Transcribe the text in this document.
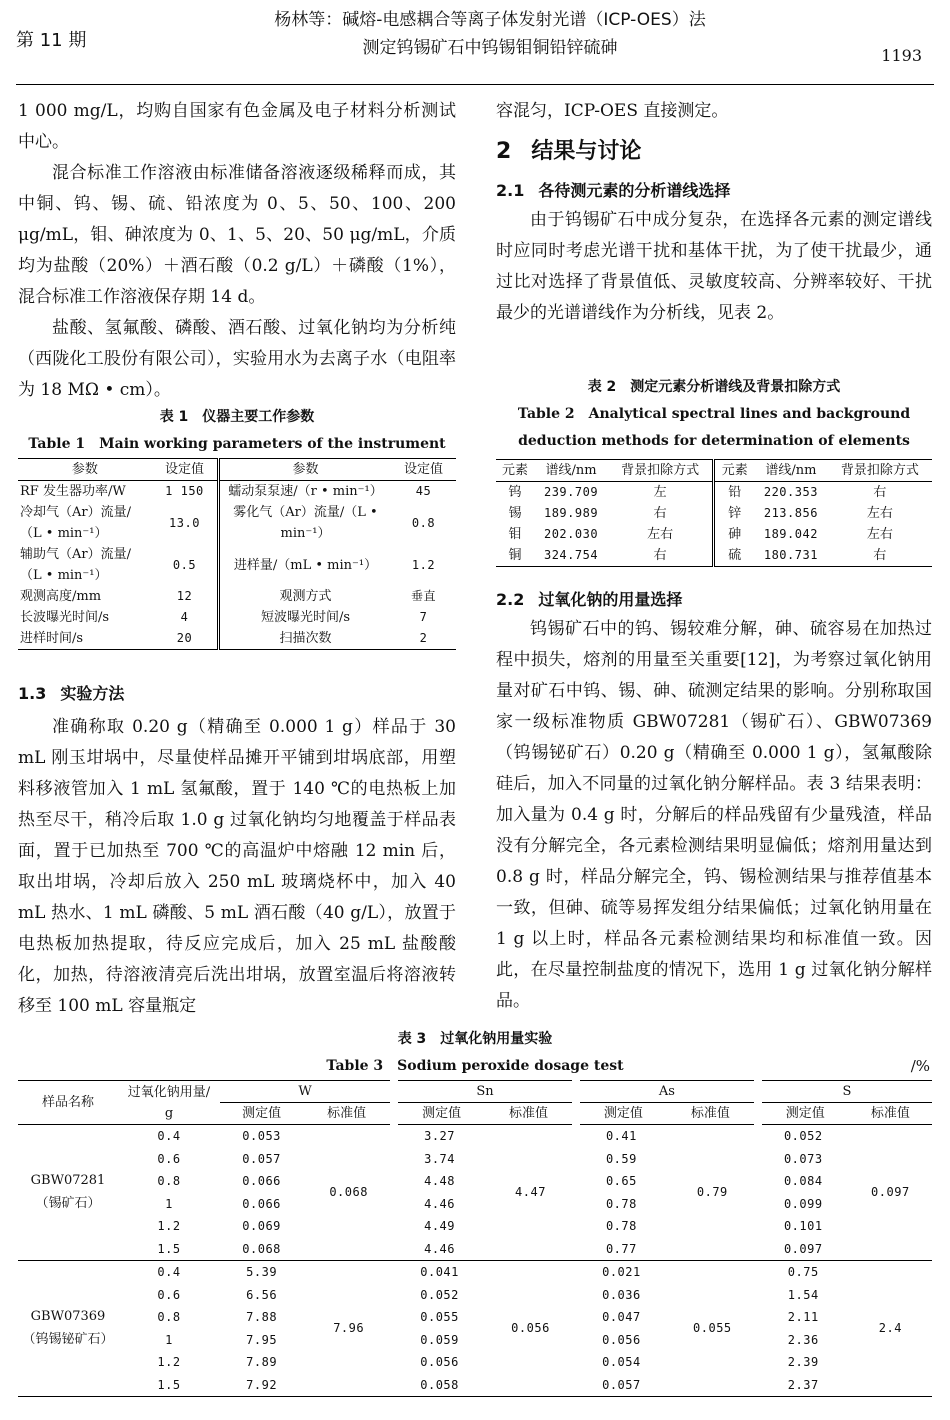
第 11 期
杨林等：碱熔-电感耦合等离子体发射光谱（ICP-OES）法
测定钨锡矿石中钨锡钼铜铅锌硫砷	1193

1 000 mg/L，均购自国家有色金属及电子材料分析测试中心。

混合标准工作溶液由标准储备溶液逐级稀释而成，其中铜、钨、锡、硫、铅浓度为 0、5、50、100、200 μg/mL，钼、砷浓度为 0、1、5、20、50 μg/mL，介质均为盐酸（20%）＋酒石酸（0.2 g/L）＋磷酸（1%），混合标准工作溶液保存期 14 d。

盐酸、氢氟酸、磷酸、酒石酸、过氧化钠均为分析纯（西陇化工股份有限公司），实验用水为去离子水（电阻率为 18 MΩ • cm）。

表 1　仪器主要工作参数
Table 1　Main working parameters of the instrument
参数	设定值	参数	设定值
RF 发生器功率/W	1 150	蠕动泵泵速/（r • min⁻¹）	45
冷却气（Ar）流量/（L • min⁻¹）	13.0	雾化气（Ar）流量/（L • min⁻¹）	0.8
辅助气（Ar）流量/（L • min⁻¹）	0.5	进样量/（mL • min⁻¹）	1.2
观测高度/mm	12	观测方式	垂直
长波曝光时间/s	4	短波曝光时间/s	7
进样时间/s	20	扫描次数	2
1.3 实验方法

准确称取 0.20 g（精确至 0.000 1 g）样品于 30 mL 刚玉坩埚中，尽量使样品摊开平铺到坩埚底部，用塑料移液管加入 1 mL 氢氟酸，置于 140 ℃的电热板上加热至尽干，稍冷后取 1.0 g 过氧化钠均匀地覆盖于样品表面，置于已加热至 700 ℃的高温炉中熔融 12 min 后，取出坩埚，冷却后放入 250 mL 玻璃烧杯中，加入 40 mL 热水、1 mL 磷酸、5 mL 酒石酸（40 g/L），放置于电热板加热提取，待反应完成后，加入 25 mL 盐酸酸化，加热，待溶液清亮后洗出坩埚，放置室温后将溶液转移至 100 mL 容量瓶定

容混匀，ICP-OES 直接测定。

2 结果与讨论
2.1 各待测元素的分析谱线选择

由于钨锡矿石中成分复杂，在选择各元素的测定谱线时应同时考虑光谱干扰和基体干扰，为了使干扰最少，通过比对选择了背景值低、灵敏度较高、分辨率较好、干扰最少的光谱谱线作为分析线，见表 2。

表 2　测定元素分析谱线及背景扣除方式
Table 2　Analytical spectral lines and background
deduction methods for determination of elements
元素	谱线/nm	背景扣除方式	元素	谱线/nm	背景扣除方式
钨	239.709	左	铅	220.353	右
锡	189.989	右	锌	213.856	左右
钼	202.030	左右	砷	189.042	左右
铜	324.754	右	硫	180.731	右
2.2 过氧化钠的用量选择

钨锡矿石中的钨、锡较难分解，砷、硫容易在加热过程中损失，熔剂的用量至关重要[12]，为考察过氧化钠用量对矿石中钨、锡、砷、硫测定结果的影响。分别称取国家一级标准物质 GBW07281（锡矿石）、GBW07369（钨锡铋矿石）0.20 g（精确至 0.000 1 g），氢氟酸除硅后，加入不同量的过氧化钠分解样品。表 3 结果表明：加入量为 0.4 g 时，分解后的样品残留有少量残渣，样品没有分解完全，各元素检测结果明显偏低；熔剂用量达到 0.8 g 时，样品分解完全，钨、锡检测结果与推荐值基本一致，但砷、硫等易挥发组分结果偏低；过氧化钠用量在 1 g 以上时，样品各元素检测结果均和标准值一致。因此，在尽量控制盐度的情况下，选用 1 g 过氧化钠分解样品。

表 3　过氧化钠用量实验
Table 3　Sodium peroxide dosage test	/%
样品名称	过氧化钠用量/
g	W		Sn		As		S	
		测定值	标准值	测定值	标准值	测定值	标准值	测定值	标准值

GBW07281
（锡矿石）	0.4	0.053	0.068	3.27	4.47	0.41	0.79	0.052	0.097
	0.6	0.057		3.74		0.59		0.073	
	0.8	0.066		4.48		0.65		0.084	
	1	0.066		4.46		0.78		0.099	
	1.2	0.069		4.49		0.78		0.101	
	1.5	0.068		4.46		0.77		0.097	

GBW07369
（钨锡铋矿石）	0.4	5.39	7.96	0.041	0.056	0.021	0.055	0.75	2.4
	0.6	6.56		0.052		0.036		1.54	
	0.8	7.88		0.055		0.047		2.11	
	1	7.95		0.059		0.056		2.36	
	1.2	7.89		0.056		0.054		2.39	
	1.5	7.92		0.058		0.057		2.37	
